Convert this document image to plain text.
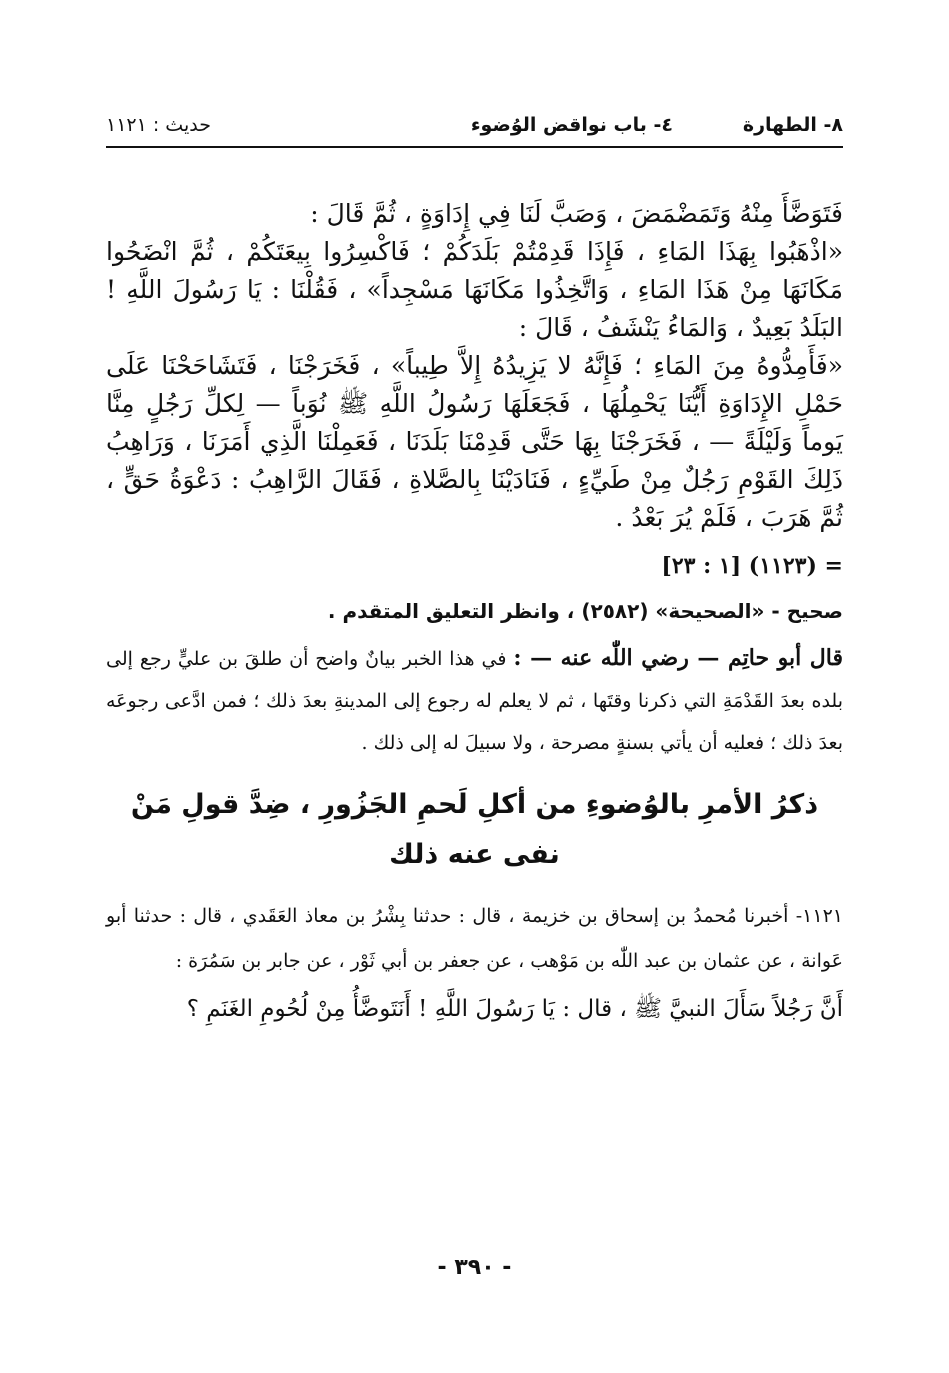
٨- الطهارة
٤- باب نواقض الوُضوء
حديث : ١١٢١

فَتَوَضَّأَ مِنْهُ وَتَمَضْمَضَ ، وَصَبَّ لَنَا فِي إِدَاوَةٍ ، ثُمَّ قَالَ :

«اذْهَبُوا بِهَذَا المَاءِ ، فَإِذَا قَدِمْتُمْ بَلَدَكُمْ ؛ فَاكْسِرُوا بِيعَتَكُمْ ، ثُمَّ انْضَحُوا مَكَانَهَا مِنْ هَذَا المَاءِ ، وَاتَّخِذُوا مَكَانَهَا مَسْجِداً» ، فَقُلْنَا : يَا رَسُولَ اللَّهِ ! البَلَدُ بَعِيدٌ ، وَالمَاءُ يَنْشَفُ ، قَالَ :

«فَأَمِدُّوهُ مِنَ المَاءِ ؛ فَإِنَّهُ لا يَزِيدُهُ إِلاَّ طِيباً» ، فَخَرَجْنَا ، فَتَشَاحَحْنَا عَلَى حَمْلِ الإِدَاوَةِ أَيُّنَا يَحْمِلُهَا ، فَجَعَلَهَا رَسُولُ اللَّهِ ﷺ نُوَباً — لِكلِّ رَجُلٍ مِنَّا يَوماً وَلَيْلَةً — ، فَخَرَجْنَا بِهَا حَتَّى قَدِمْنَا بَلَدَنَا ، فَعَمِلْنَا الَّذِي أَمَرَنَا ، وَرَاهِبُ ذَلِكَ القَوْمِ رَجُلٌ مِنْ طَيِّءٍ ، فَنَادَيْنَا بِالصَّلاةِ ، فَقَالَ الرَّاهِبُ : دَعْوَةُ حَقٍّ ، ثُمَّ هَرَبَ ، فَلَمْ يُرَ بَعْدُ .

= (١١٢٣) [١ : ٢٣]

صحيح - «الصحيحة» (٢٥٨٢) ، وانظر التعليق المتقدم .

قال أبو حاتِم — رضي اللّٰه عنه — : في هذا الخبر بيانٌ واضح أن طلقَ بن عليٍّ رجع إلى بلده بعدَ القَدْمَةِ التي ذكرنا وقتَها ، ثم لا يعلم له رجوع إلى المدينةِ بعدَ ذلك ؛ فمن ادَّعى رجوعَه بعدَ ذلك ؛ فعليه أن يأتي بسنةٍ مصرحة ، ولا سبيلَ له إلى ذلك .

ذكرُ الأمرِ بالوُضوءِ من أكلِ لَحمِ الجَزُورِ ، ضِدَّ قولِ مَنْ
نفى عنه ذلك

١١٢١- أخبرنا مُحمدُ بن إسحاق بن خزيمة ، قال : حدثنا بِشْرُ بن معاذ العَقَدي ، قال : حدثنا أبو عَوانة ، عن عثمان بن عبد اللّٰه بن مَوْهب ، عن جعفر بن أبي ثَوْر ، عن جابر بن سَمُرَة :

أَنَّ رَجُلاً سَأَلَ النبيَّ ﷺ ، قال : يَا رَسُولَ اللَّهِ ! أَنَتَوضَّأُ مِنْ لُحُومِ الغَنَمِ ؟

- ٣٩٠ -
